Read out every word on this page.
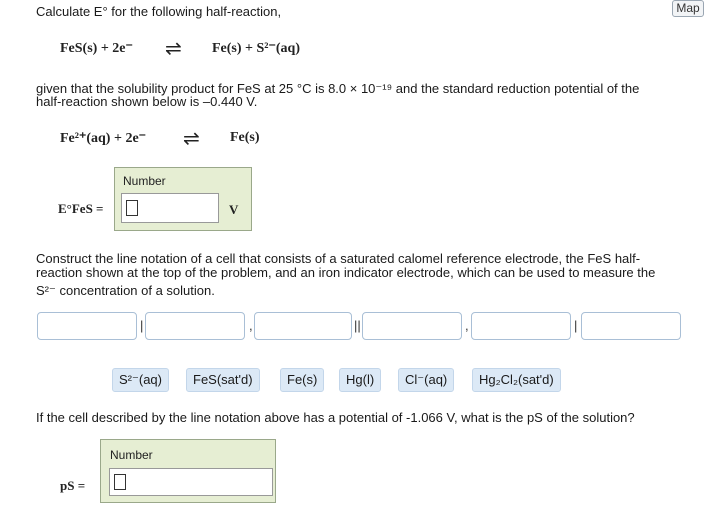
Calculate E° for the following half-reaction,	Map
FeS(s) + 2e⁻ ⇌ Fe(s) + S²⁻(aq)
given that the solubility product for FeS at 25 °C is 8.0 × 10⁻¹⁹ and the standard reduction potential of the
half-reaction shown below is –0.440 V.
Fe²⁺(aq) + 2e⁻ ⇌ Fe(s)
E°FeS =
Number
V
Construct the line notation of a cell that consists of a saturated calomel reference electrode, the FeS half-
reaction shown at the top of the problem, and an iron indicator electrode, which can be used to measure the
S²⁻ concentration of a solution.
|	,	||	,	|
S²⁻(aq)	FeS(sat'd)	Fe(s)	Hg(l)	Cl⁻(aq)	Hg₂Cl₂(sat'd)
If the cell described by the line notation above has a potential of -1.066 V, what is the pS of the solution?
pS =
Number
